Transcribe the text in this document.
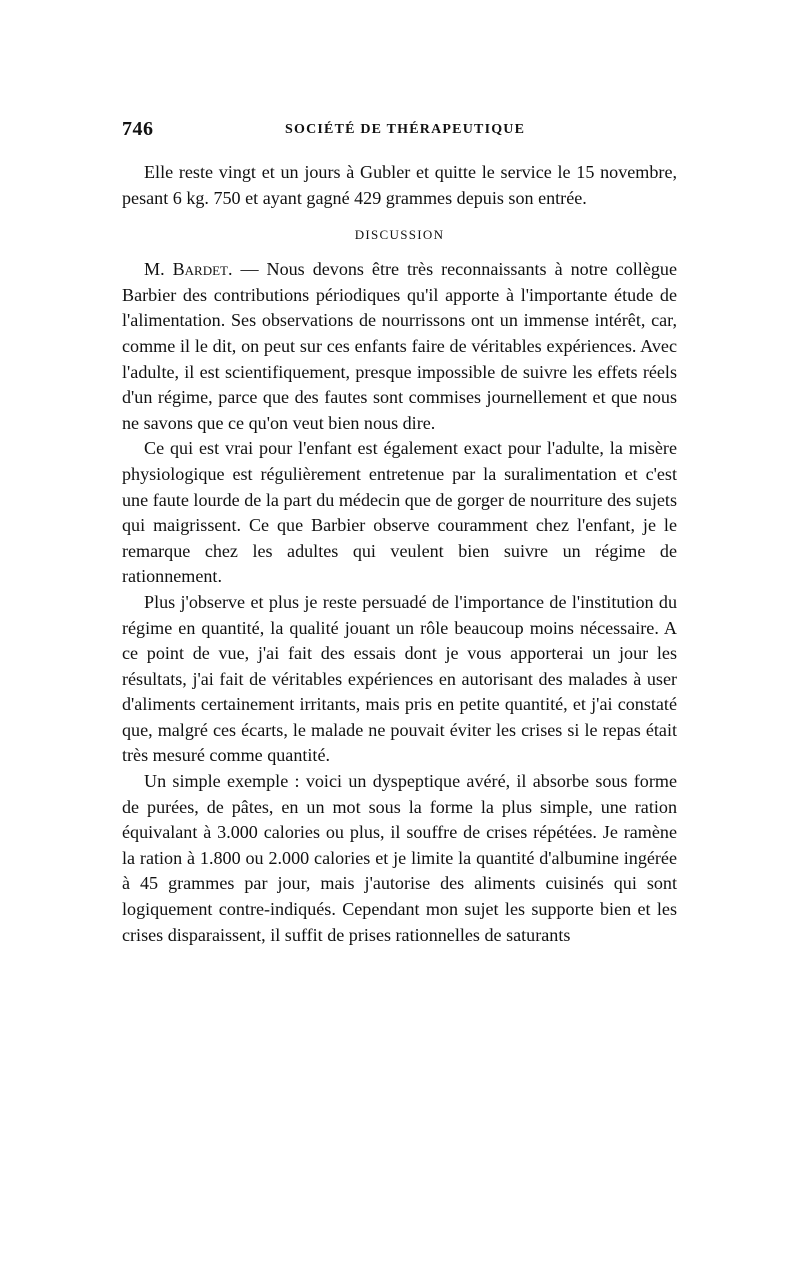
746	SOCIÉTÉ DE THÉRAPEUTIQUE

Elle reste vingt et un jours à Gubler et quitte le service le 15 novembre, pesant 6 kg. 750 et ayant gagné 429 grammes depuis son entrée.

DISCUSSION

M. Bardet. — Nous devons être très reconnaissants à notre collègue Barbier des contributions périodiques qu'il apporte à l'importante étude de l'alimentation. Ses observations de nourrissons ont un immense intérêt, car, comme il le dit, on peut sur ces enfants faire de véritables expériences. Avec l'adulte, il est scientifiquement, presque impossible de suivre les effets réels d'un régime, parce que des fautes sont commises journellement et que nous ne savons que ce qu'on veut bien nous dire.

Ce qui est vrai pour l'enfant est également exact pour l'adulte, la misère physiologique est régulièrement entretenue par la suralimentation et c'est une faute lourde de la part du médecin que de gorger de nourriture des sujets qui maigrissent. Ce que Barbier observe couramment chez l'enfant, je le remarque chez les adultes qui veulent bien suivre un régime de rationnement.

Plus j'observe et plus je reste persuadé de l'importance de l'institution du régime en quantité, la qualité jouant un rôle beaucoup moins nécessaire. A ce point de vue, j'ai fait des essais dont je vous apporterai un jour les résultats, j'ai fait de véritables expériences en autorisant des malades à user d'aliments certainement irritants, mais pris en petite quantité, et j'ai constaté que, malgré ces écarts, le malade ne pouvait éviter les crises si le repas était très mesuré comme quantité.

Un simple exemple : voici un dyspeptique avéré, il absorbe sous forme de purées, de pâtes, en un mot sous la forme la plus simple, une ration équivalant à 3.000 calories ou plus, il souffre de crises répétées. Je ramène la ration à 1.800 ou 2.000 calories et je limite la quantité d'albumine ingérée à 45 grammes par jour, mais j'autorise des aliments cuisinés qui sont logiquement contre-indiqués. Cependant mon sujet les supporte bien et les crises disparaissent, il suffit de prises rationnelles de saturants
